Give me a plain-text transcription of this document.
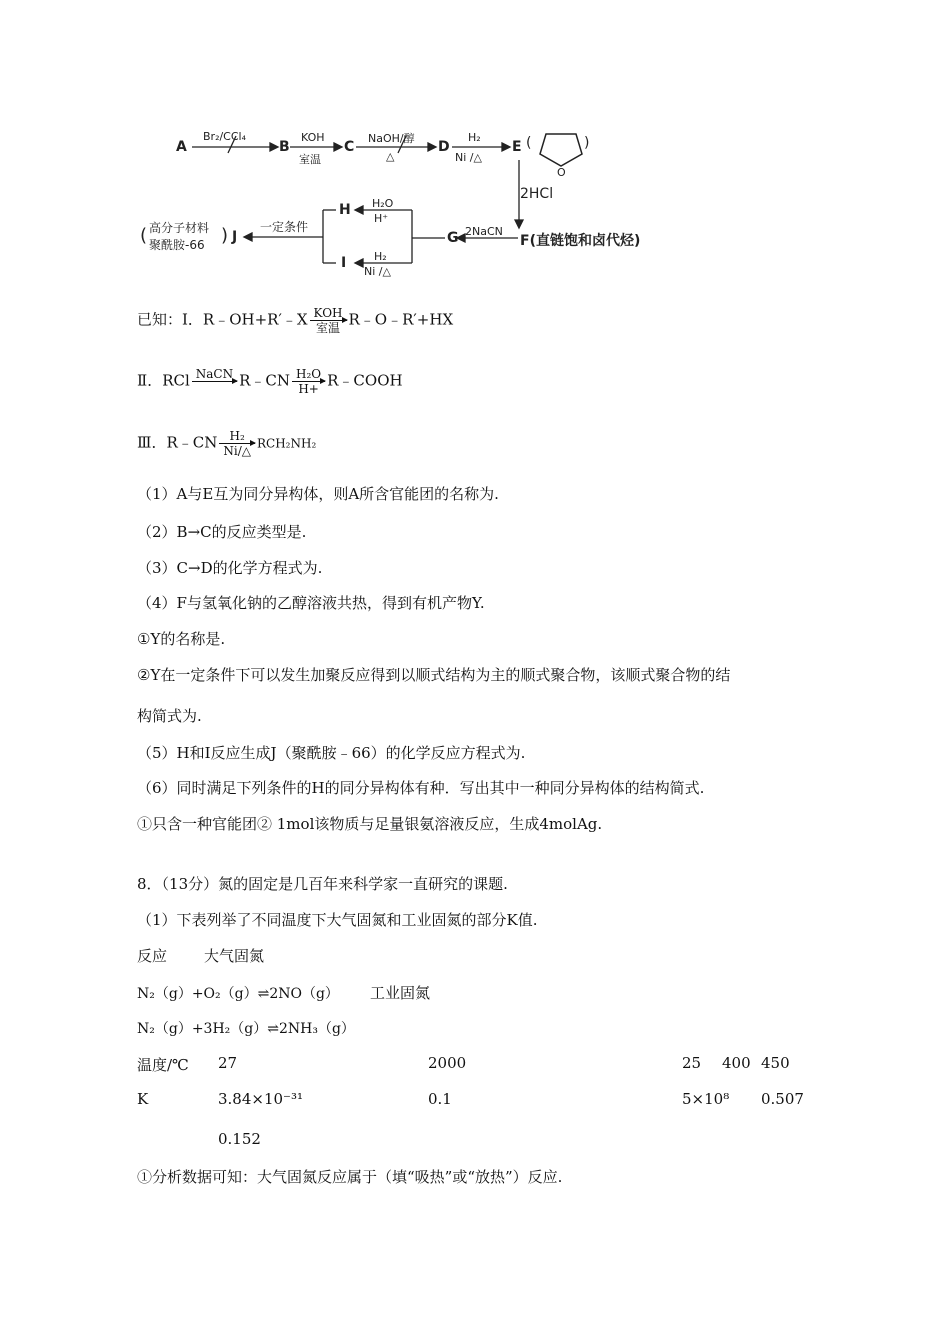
A	B	C	D	E (	)
O
Br₂/CCl₄	KOH
室温
NaOH/醇
△
H₂
Ni /△
2HCl
F(直链饱和卤代烃)
2NaCN
G
H₂O
H⁺
H₂
Ni /△
H
I
一定条件
J
(	)
高分子材料
聚酰胺-66
已知：Ⅰ．R﹣OH+R′﹣X KOH
室温 R﹣O﹣R′+HX
Ⅱ．RCl NaCN
R﹣CN $\frac{\text{H₂O}}{H+}$ R﹣COOH
Ⅲ．R﹣CN $\frac{\text{H₂}}{Ni/\triangle} RCH_2NH_2$
（1）A与E互为同分异构体，则A所含官能团的名称为.
（2）B→C的反应类型是.
（3）C→D的化学方程式为.
（4）F与氢氧化钠的乙醇溶液共热，得到有机产物Y.
①Y的名称是.
②Y在一定条件下可以发生加聚反应得到以顺式结构为主的顺式聚合物，该顺式聚合物的结
构简式为.
（5）H和Ⅰ反应生成J（聚酰胺﹣66）的化学反应方程式为.
（6）同时满足下列条件的H的同分异构体有种．写出其中一种同分异构体的结构简式.
①只含一种官能团② 1mol该物质与足量银氨溶液反应，生成4molAg.
8．（13分）氮的固定是几百年来科学家一直研究的课题.
（1）下表列举了不同温度下大气固氮和工业固氮的部分K值.
反应 大气固氮
N₂（g）+O₂（g）⇌2NO（g） 工业固氮
N₂（g）+3H₂（g）⇌2NH₃（g）
温度/℃ 27	2000	25 400 450
K	3.84×10⁻³¹	0.1	5×10⁸ 0.507
0.152
①分析数据可知：大气固氮反应属于（填“吸热”或“放热”）反应.
